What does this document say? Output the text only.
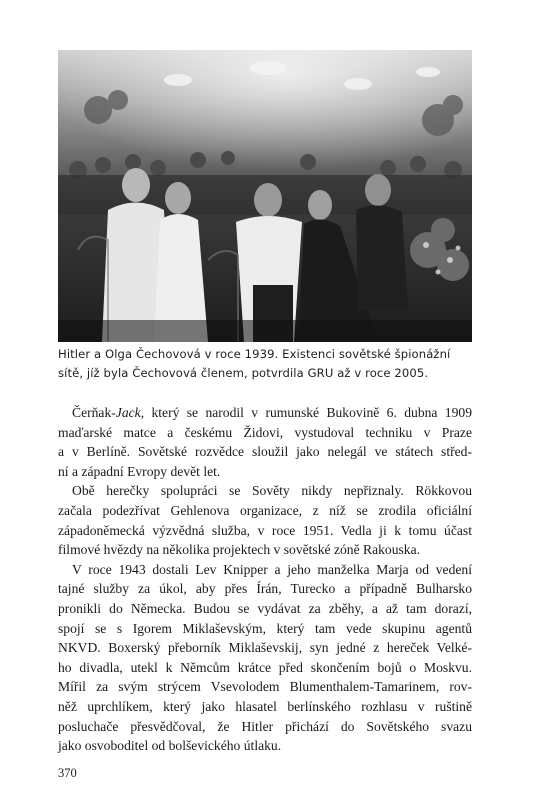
Hitler a Olga Čechovová v roce 1939. Existenci sovětské špionážní
sítě, jíž byla Čechovová členem, potvrdila GRU až v roce 2005.
Čerňak-Jack, který se narodil v rumunské Bukovině 6. dubna 1909
maďarské matce a českému Židovi, vystudoval techniku v Praze
a v Berlíně. Sovětské rozvědce sloužil jako nelegál ve státech střed-
ní a západní Evropy devět let.
Obě herečky spolupráci se Sověty nikdy nepřiznaly. Rökkovou
začala podezřívat Gehlenova organizace, z níž se zrodila oficiální
západoněmecká výzvědná služba, v roce 1951. Vedla ji k tomu účast
filmové hvězdy na několika projektech v sovětské zóně Rakouska.
V roce 1943 dostali Lev Knipper a jeho manželka Marja od vedení
tajné služby za úkol, aby přes Írán, Turecko a případně Bulharsko
pronikli do Německa. Budou se vydávat za zběhy, a až tam dorazí,
spojí se s Igorem Miklaševským, který tam vede skupinu agentů
NKVD. Boxerský přeborník Miklaševskij, syn jedné z hereček Velké-
ho divadla, utekl k Němcům krátce před skončením bojů o Moskvu.
Mířil za svým strýcem Vsevolodem Blumenthalem-Tamarinem, rov-
něž uprchlíkem, který jako hlasatel berlínského rozhlasu v ruštině
posluchače přesvědčoval, že Hitler přichází do Sovětského svazu
jako osvoboditel od bolševického útlaku.
370
